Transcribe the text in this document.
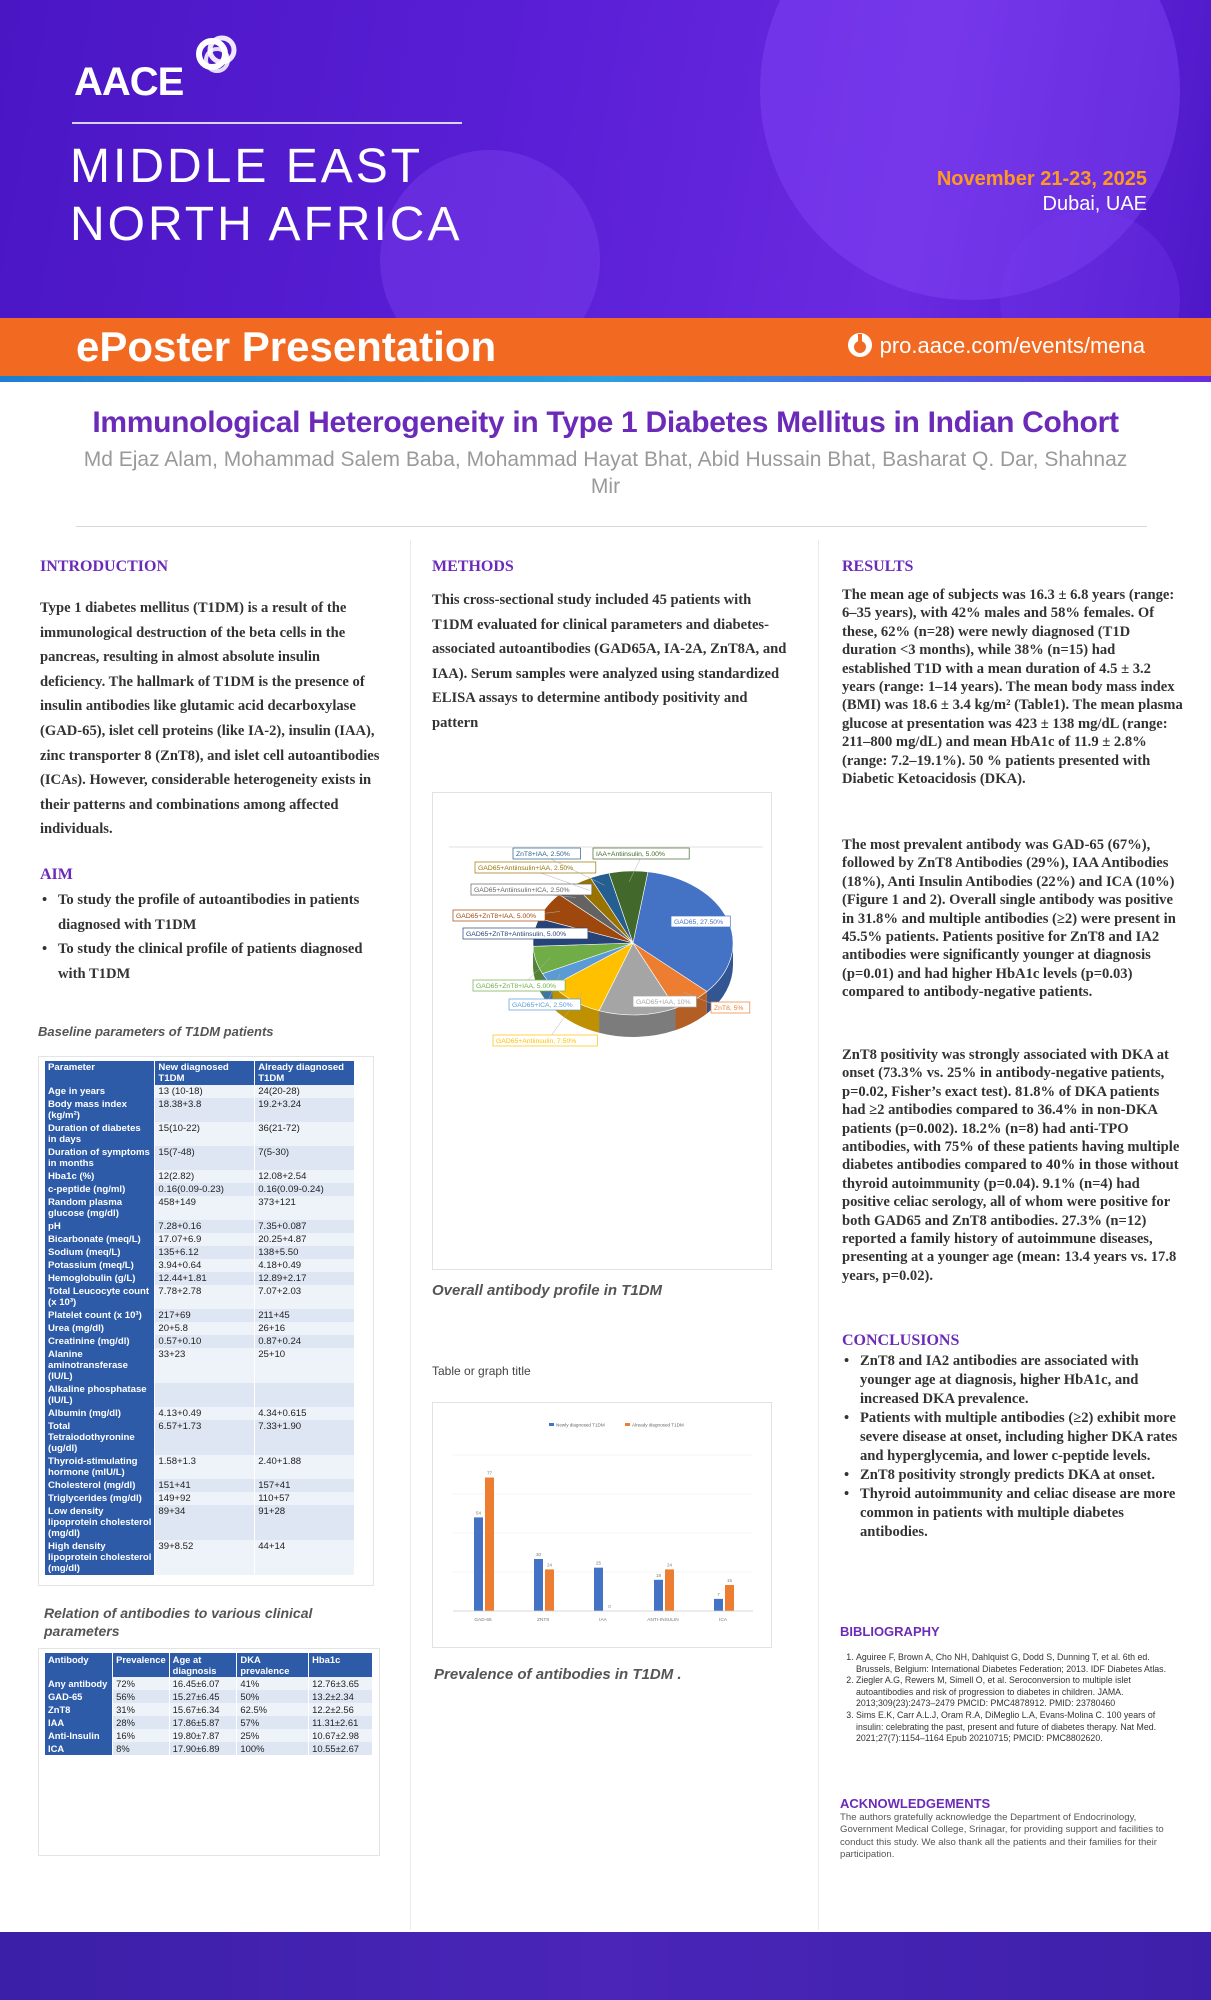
AACE
MIDDLE EAST
NORTH AFRICA
November 21-23, 2025
Dubai, UAE
ePoster Presentation	pro.aace.com/events/mena
Immunological Heterogeneity in Type 1 Diabetes Mellitus in Indian Cohort
Md Ejaz Alam, Mohammad Salem Baba, Mohammad Hayat Bhat, Abid Hussain Bhat, Basharat Q. Dar, Shahnaz Mir
INTRODUCTION
Type 1 diabetes mellitus (T1DM) is a result of the immunological destruction of the beta cells in the pancreas, resulting in almost absolute insulin deficiency. The hallmark of T1DM is the presence of insulin antibodies like glutamic acid decarboxylase (GAD-65), islet cell proteins (like IA-2), insulin (IAA), zinc transporter 8 (ZnT8), and islet cell autoantibodies (ICAs). However, considerable heterogeneity exists in their patterns and combinations among affected individuals.
AIM
• To study the profile of autoantibodies in patients diagnosed with T1DM
• To study the clinical profile of patients diagnosed with T1DM
Baseline parameters of T1DM patients
Parameter	New diagnosed T1DM	Already diagnosed T1DM
Age in years	13 (10-18)	24(20-28)
Body mass index (kg/m²)	18.38+3.8	19.2+3.24
Duration of diabetes in days	15(10-22)	36(21-72)
Duration of symptoms in months	15(7-48)	7(5-30)
Hba1c (%)	12(2.82)	12.08+2.54
c-peptide (ng/ml)	0.16(0.09-0.23)	0.16(0.09-0.24)
Random plasma glucose (mg/dl)	458+149	373+121
pH	7.28+0.16	7.35+0.087
Bicarbonate (meq/L)	17.07+6.9	20.25+4.87
Sodium (meq/L)	135+6.12	138+5.50
Potassium (meq/L)	3.94+0.64	4.18+0.49
Hemoglobulin (g/L)	12.44+1.81	12.89+2.17
Total Leucocyte count (x 10³)	7.78+2.78	7.07+2.03
Platelet count (x 10³)	217+69	211+45
Urea (mg/dl)	20+5.8	26+16
Creatinine (mg/dl)	0.57+0.10	0.87+0.24
Alanine aminotransferase (IU/L)	33+23	25+10
Alkaline phosphatase (IU/L)		
Albumin (mg/dl)	4.13+0.49	4.34+0.615
Total Tetraiodothyronine (ug/dl)	6.57+1.73	7.33+1.90
Thyroid-stimulating hormone (mIU/L)	1.58+1.3	2.40+1.88
Cholesterol (mg/dl)	151+41	157+41
Triglycerides (mg/dl)	149+92	110+57
Low density lipoprotein cholesterol (mg/dl)	89+34	91+28
High density lipoprotein cholesterol (mg/dl)	39+8.52	44+14
Relation of antibodies to various clinical parameters
Antibody	Prevalence	Age at diagnosis	DKA prevalence	Hba1c
Any antibody	72%	16.45±6.07	41%	12.76±3.65
GAD-65	56%	15.27±6.45	50%	13.2±2.34
ZnT8	31%	15.67±6.34	62.5%	12.2±2.56
IAA	28%	17.86±5.87	57%	11.31±2.61
Anti-Insulin	16%	19.80±7.87	25%	10.67±2.98
ICA	8%	17.90±6.89	100%	10.55±2.67
METHODS
This cross-sectional study included 45 patients with T1DM evaluated for clinical parameters and diabetes-associated autoantibodies (GAD65A, IA-2A, ZnT8A, and IAA). Serum samples were analyzed using standardized ELISA assays to determine antibody positivity and pattern
GAD65, 27.50%
ZnT8, 5%
GAD65+IAA, 10%
GAD65+Antiinsulin, 7.50%
GAD65+ICA, 2.50%
GAD65+ZnT8+IAA, 5.00%
GAD65+ZnT8+Antiinsulin, 5.00%
GAD65+ZnT8+IAA, 5.00%
GAD65+Antiinsulin+ICA, 2.50%
GAD65+Antiinsulin+IAA, 2.50%
ZnT8+IAA, 2.50%	IAA+Antiinsulin, 5.00%
Overall antibody profile in T1DM
Table or graph title
Newly diagnosed T1DM	Already diagnosed T1DM
54
77
GAD-65
30
24
ZNT8
25
0
IAA
18
24
ANTI-INSULIN
7
15
ICA
Prevalence of antibodies in T1DM .
RESULTS
The mean age of subjects was 16.3 ± 6.8 years (range: 6–35 years), with 42% males and 58% females. Of these, 62% (n=28) were newly diagnosed (T1D duration <3 months), while 38% (n=15) had established T1D with a mean duration of 4.5 ± 3.2 years (range: 1–14 years). The mean body mass index (BMI) was 18.6 ± 3.4 kg/m² (Table1). The mean plasma glucose at presentation was 423 ± 138 mg/dL (range: 211–800 mg/dL) and mean HbA1c of 11.9 ± 2.8% (range: 7.2–19.1%). 50 % patients presented with Diabetic Ketoacidosis (DKA).
The most prevalent antibody was GAD-65 (67%), followed by ZnT8 Antibodies (29%), IAA Antibodies (18%), Anti Insulin Antibodies (22%) and ICA (10%)(Figure 1 and 2). Overall single antibody was positive in 31.8% and multiple antibodies (≥2) were present in 45.5% patients. Patients positive for ZnT8 and IA2 antibodies were significantly younger at diagnosis (p=0.01) and had higher HbA1c levels (p=0.03) compared to antibody-negative patients.
ZnT8 positivity was strongly associated with DKA at onset (73.3% vs. 25% in antibody-negative patients, p=0.02, Fisher’s exact test). 81.8% of DKA patients had ≥2 antibodies compared to 36.4% in non-DKA patients (p=0.002). 18.2% (n=8) had anti-TPO antibodies, with 75% of these patients having multiple diabetes antibodies compared to 40% in those without thyroid autoimmunity (p=0.04). 9.1% (n=4) had positive celiac serology, all of whom were positive for both GAD65 and ZnT8 antibodies. 27.3% (n=12) reported a family history of autoimmune diseases, presenting at a younger age (mean: 13.4 years vs. 17.8 years, p=0.02).
CONCLUSIONS
• ZnT8 and IA2 antibodies are associated with younger age at diagnosis, higher HbA1c, and increased DKA prevalence.
• Patients with multiple antibodies (≥2) exhibit more severe disease at onset, including higher DKA rates and hyperglycemia, and lower c-peptide levels.
• ZnT8 positivity strongly predicts DKA at onset.
• Thyroid autoimmunity and celiac disease are more common in patients with multiple diabetes antibodies.
BIBLIOGRAPHY
1. Aguiree F, Brown A, Cho NH, Dahlquist G, Dodd S, Dunning T, et al. 6th ed. Brussels, Belgium: International Diabetes Federation; 2013. IDF Diabetes Atlas.
2. Ziegler A.G, Rewers M, Simell O, et al. Seroconversion to multiple islet autoantibodies and risk of progression to diabetes in children. JAMA. 2013;309(23):2473–2479 PMCID: PMC4878912. PMID: 23780460
3. Sims E.K, Carr A.L.J, Oram R.A, DiMeglio L.A, Evans-Molina C. 100 years of insulin: celebrating the past, present and future of diabetes therapy. Nat Med. 2021;27(7):1154–1164 Epub 20210715; PMCID: PMC8802620.
ACKNOWLEDGEMENTS
The authors gratefully acknowledge the Department of Endocrinology, Government Medical College, Srinagar, for providing support and facilities to conduct this study. We also thank all the patients and their families for their participation.
